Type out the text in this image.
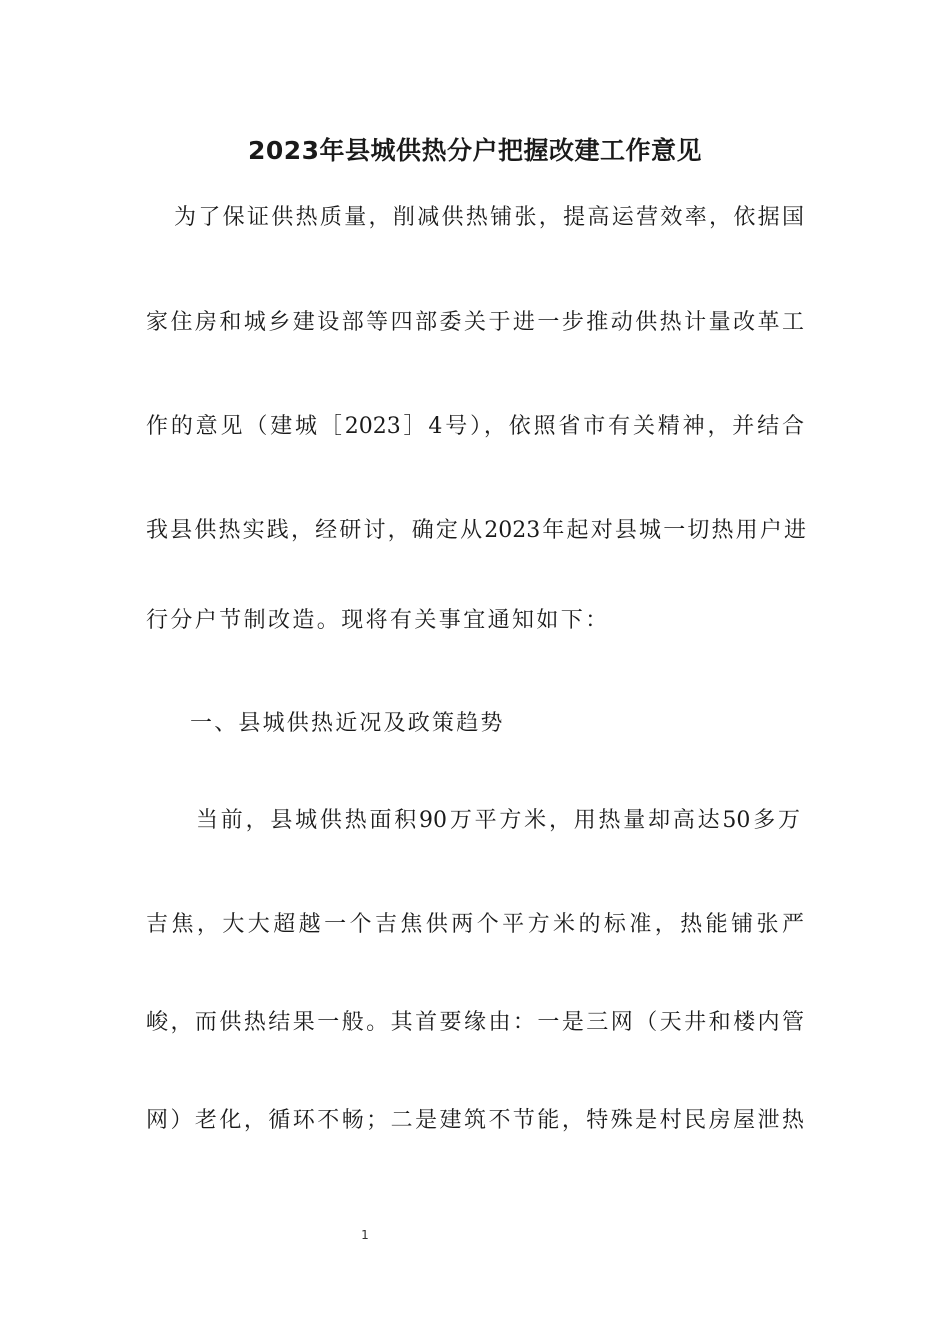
2023年县城供热分户把握改建工作意见
为了保证供热质量，削减供热铺张，提高运营效率，依据国
家住房和城乡建设部等四部委关于进一步推动供热计量改革工
作的意见（建城［2023］4号），依照省市有关精神，并结合
我县供热实践，经研讨，确定从2023年起对县城一切热用户进
行分户节制改造。现将有关事宜通知如下：
一、县城供热近况及政策趋势
当前，县城供热面积90万平方米，用热量却高达50多万
吉焦，大大超越一个吉焦供两个平方米的标准，热能铺张严
峻，而供热结果一般。其首要缘由：一是三网（天井和楼内管
网）老化，循环不畅；二是建筑不节能，特殊是村民房屋泄热
1
